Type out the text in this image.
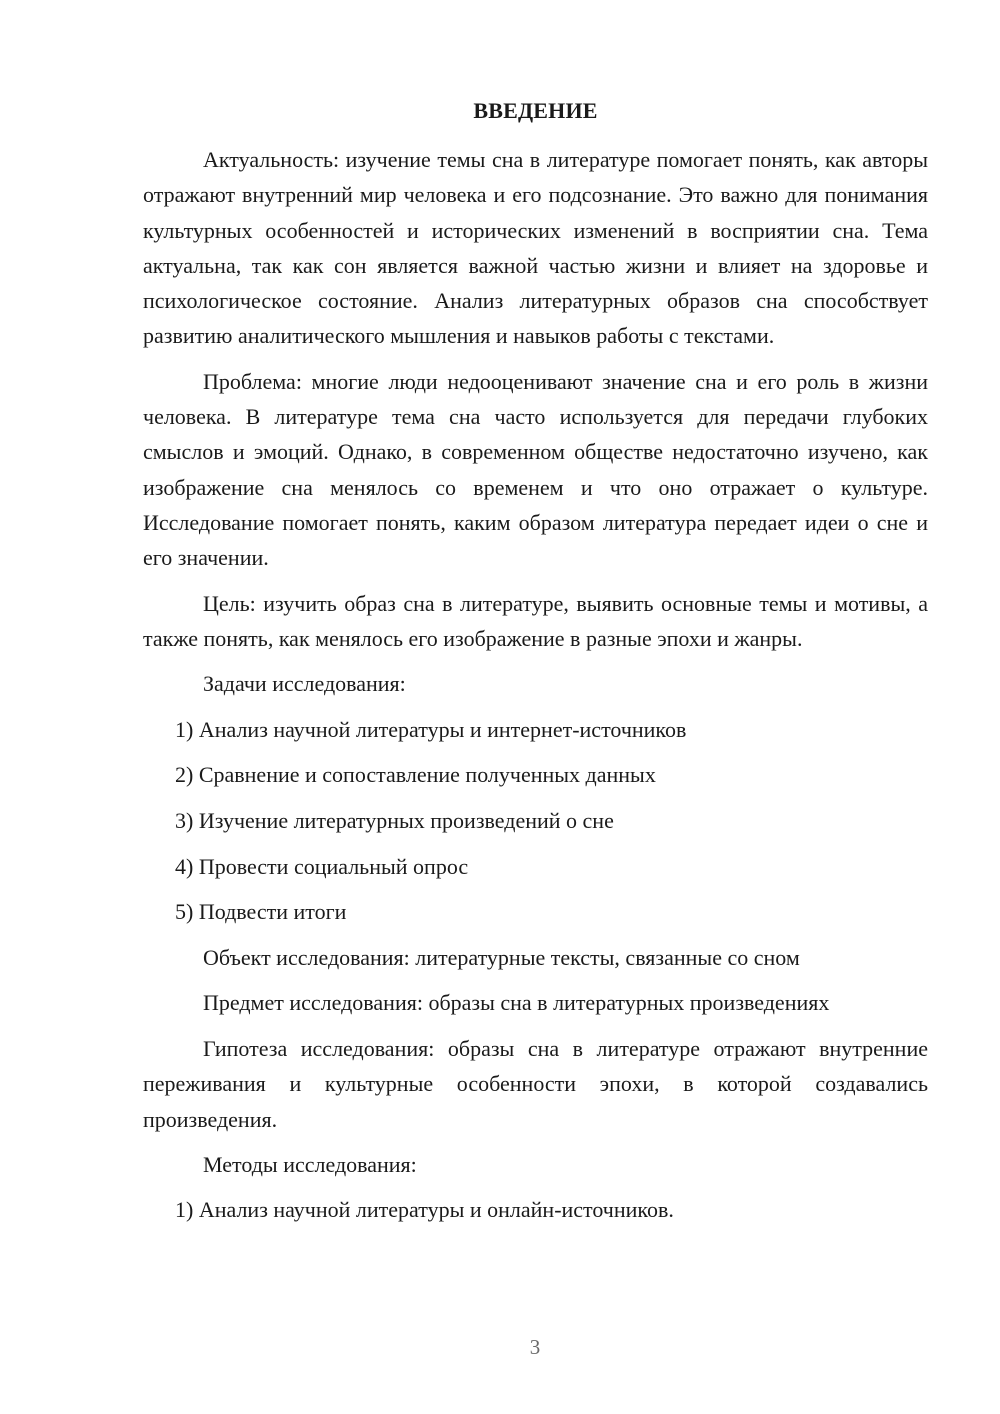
ВВЕДЕНИЕ

Актуальность: изучение темы сна в литературе помогает понять, как авторы отражают внутренний мир человека и его подсознание. Это важно для понимания культурных особенностей и исторических изменений в восприятии сна. Тема актуальна, так как сон является важной частью жизни и влияет на здоровье и психологическое состояние. Анализ литературных образов сна способствует развитию аналитического мышления и навыков работы с текстами.

Проблема: многие люди недооценивают значение сна и его роль в жизни человека. В литературе тема сна часто используется для передачи глубоких смыслов и эмоций. Однако, в современном обществе недостаточно изучено, как изображение сна менялось со временем и что оно отражает о культуре. Исследование помогает понять, каким образом литература передает идеи о сне и его значении.

Цель: изучить образ сна в литературе, выявить основные темы и мотивы, а также понять, как менялось его изображение в разные эпохи и жанры.

Задачи исследования:

1) Анализ научной литературы и интернет-источников

2) Сравнение и сопоставление полученных данных

3) Изучение литературных произведений о сне

4) Провести социальный опрос

5) Подвести итоги

Объект исследования: литературные тексты, связанные со сном

Предмет исследования: образы сна в литературных произведениях

Гипотеза исследования: образы сна в литературе отражают внутренние переживания и культурные особенности эпохи, в которой создавались произведения.

Методы исследования:

1) Анализ научной литературы и онлайн-источников.

3
